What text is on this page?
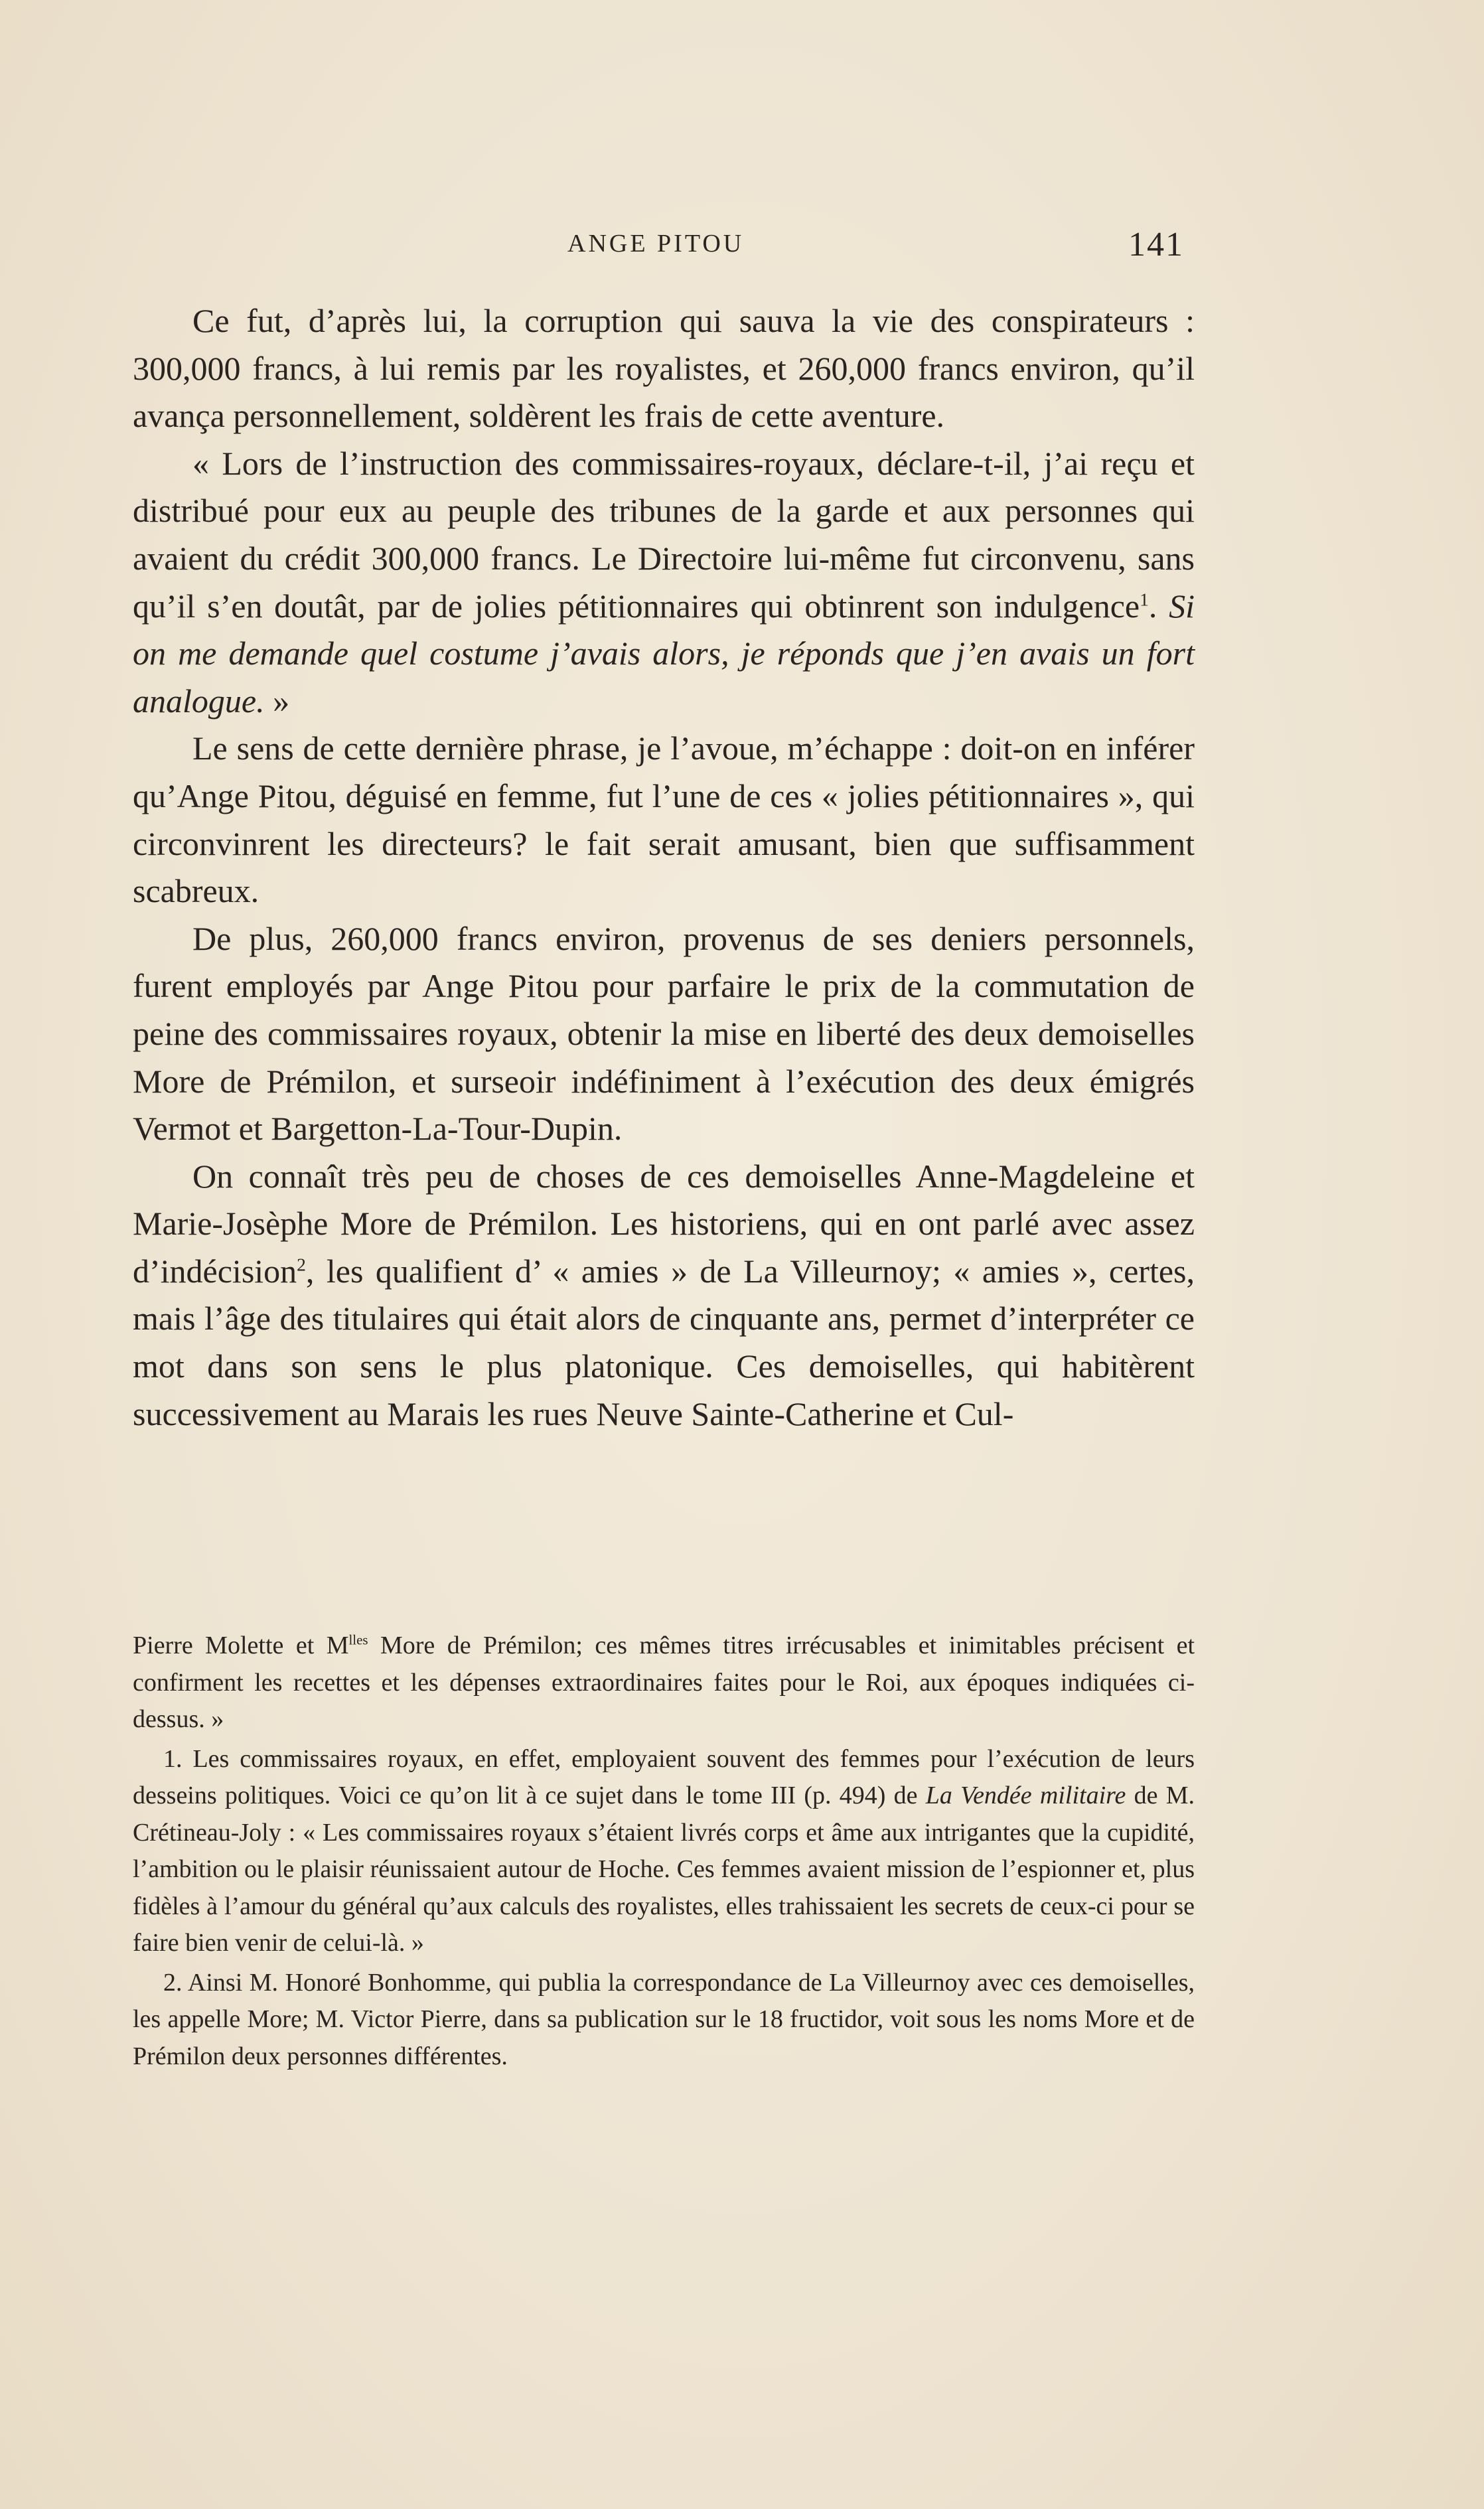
ANGE PITOU	141

Ce fut, d’après lui, la corruption qui sauva la vie des conspirateurs : 300,000 francs, à lui remis par les royalistes, et 260,000 francs environ, qu’il avança personnellement, soldèrent les frais de cette aventure.

« Lors de l’instruction des commissaires-royaux, déclare-t-il, j’ai reçu et distribué pour eux au peuple des tribunes de la garde et aux personnes qui avaient du crédit 300,000 francs. Le Directoire lui-même fut circonvenu, sans qu’il s’en doutât, par de jolies pétitionnaires qui obtinrent son indulgence$^1$. Si on me demande quel costume j’avais alors, je réponds que j’en avais un fort analogue. »

Le sens de cette dernière phrase, je l’avoue, m’échappe : doit-on en inférer qu’Ange Pitou, déguisé en femme, fut l’une de ces « jolies pétitionnaires », qui circonvinrent les directeurs? le fait serait amusant, bien que suffisamment scabreux.

De plus, 260,000 francs environ, provenus de ses deniers personnels, furent employés par Ange Pitou pour parfaire le prix de la commutation de peine des commissaires royaux, obtenir la mise en liberté des deux demoiselles More de Prémilon, et surseoir indéfiniment à l’exécution des deux émigrés Vermot et Bargetton-La-Tour-Dupin.

On connaît très peu de choses de ces demoiselles Anne-Magdeleine et Marie-Josèphe More de Prémilon. Les historiens, qui en ont parlé avec assez d’indécision$^2$, les qualifient d’ « amies » de La Villeurnoy; « amies », certes, mais l’âge des titulaires qui était alors de cinquante ans, permet d’interpréter ce mot dans son sens le plus platonique. Ces demoiselles, qui habitèrent successivement au Marais les rues Neuve Sainte-Catherine et Cul-

Pierre Molette et $M^{lles}$ More de Prémilon; ces mêmes titres irrécusables et inimitables précisent et confirment les recettes et les dépenses extraordinaires faites pour le Roi, aux époques indiquées ci-dessus. »

1. Les commissaires royaux, en effet, employaient souvent des femmes pour l’exécution de leurs desseins politiques. Voici ce qu’on lit à ce sujet dans le tome III (p. 494) de La Vendée militaire de M. Crétineau-Joly : « Les commissaires royaux s’étaient livrés corps et âme aux intrigantes que la cupidité, l’ambition ou le plaisir réunissaient autour de Hoche. Ces femmes avaient mission de l’espionner et, plus fidèles à l’amour du général qu’aux calculs des royalistes, elles trahissaient les secrets de ceux-ci pour se faire bien venir de celui-là. »

2. Ainsi M. Honoré Bonhomme, qui publia la correspondance de La Villeurnoy avec ces demoiselles, les appelle More; M. Victor Pierre, dans sa publication sur le 18 fructidor, voit sous les noms More et de Prémilon deux personnes différentes.
